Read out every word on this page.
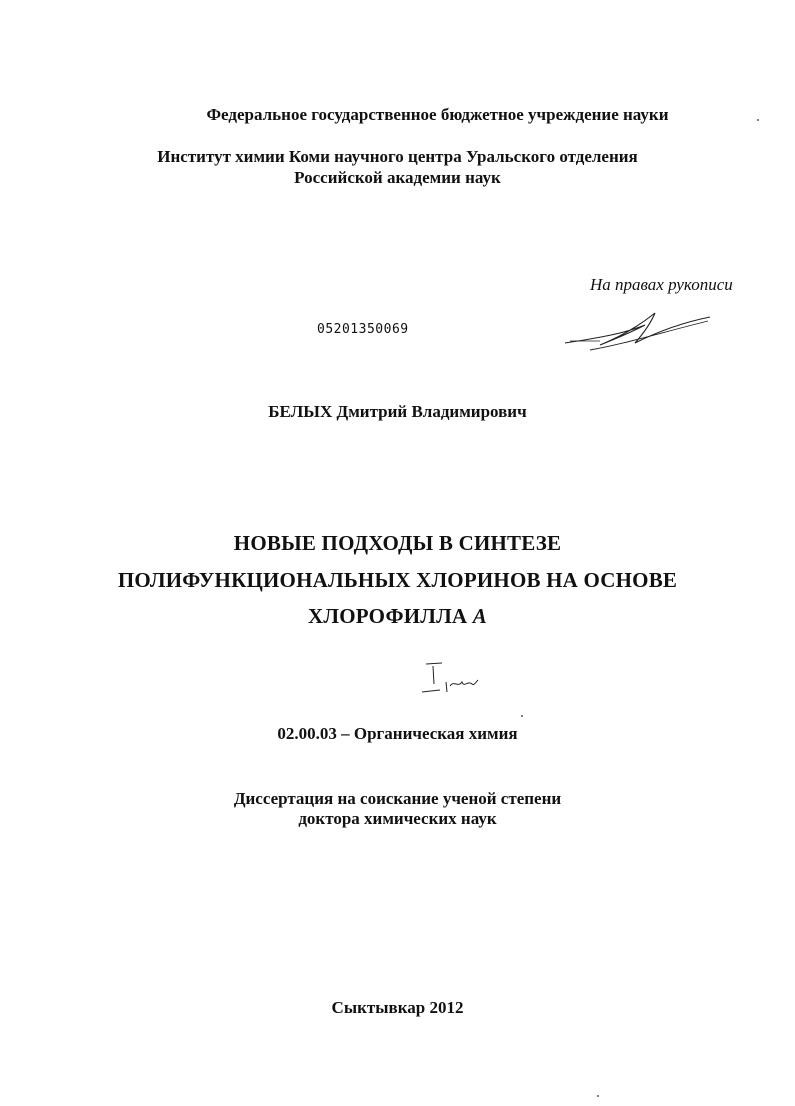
Федеральное государственное бюджетное учреждение науки
Институт химии Коми научного центра Уральского отделения
Российской академии наук
На правах рукописи
05201350069
БЕЛЫХ Дмитрий Владимирович
НОВЫЕ ПОДХОДЫ В СИНТЕЗЕ
ПОЛИФУНКЦИОНАЛЬНЫХ ХЛОРИНОВ НА ОСНОВЕ
ХЛОРОФИЛЛА А
02.00.03 – Органическая химия
Диссертация на соискание ученой степени
доктора химических наук
Сыктывкар 2012
